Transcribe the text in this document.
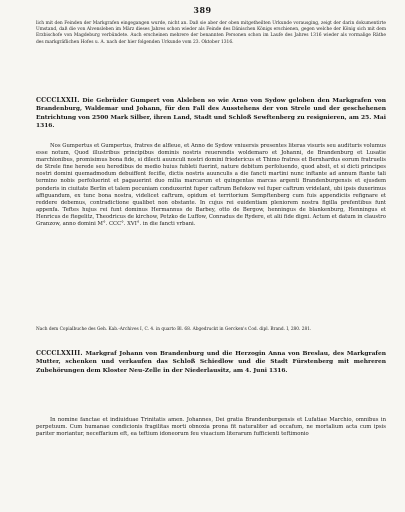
389
lich mit den Feinden der Markgrafen eingegangen wurde, nicht an. Daß sie aber der oben mitgetheilten Urkunde vorausging, zeigt der darin dokumentirte Umstand, daß die von Alvensleben im März dieses Jahres schon wieder als Feinde des Dänischen Königs erschienen, gegen welche der König sich mit dem Erzbischofe von Magdeburg verbündete. Auch erscheinen mehrere der benannten Personen schon im Laufe des Jahres 1316 wieder als vormalige Räthe des markgräflichen Hofes u. A. nach der hier folgenden Urkunde vom 23. Oktober 1316.
CCCCLXXII. Die Gebrüder Gumpert von Alsleben so wie Arno von Sydow geloben den Markgrafen von Brandenburg, Waldemar und Johann, für den Fall des Ausstehens der von Strele und der geschehenen Entrichtung von 2500 Mark Silber, ihren Land, Stadt und Schloß Sewftenberg zu resignieren, am 25. Mai 1316.

Nos Gumpertus et Gumpertus, fratres de alfleue, et Anno de Sydow vniuersis presentes literas visuris seu audituris volumus esse notum, Quod illustribus principibus dominis nostris reuerendis woldemaro et Johanni, de Brandenburg et Lusatie marchionibus, promisimus bona fide, si dilecti auunculi nostri domini friedericus et Thimo fratres et Bernhardus eorum fratruelis de Strele fine herede seu heredibus de medio huius fubleti fuerint, nature debitum perfoluendo, quod absit, et si dicti principes nostri domini quemadmodum debuiffent fecifle, dictis nostris auunculis a die fancti martini nunc inftante ad annum ftante tali termino nobis perfoluerint et pagauerint duo milia marcarum et quingentas marcas argenti Brandenburgensis et ejusdem ponderis in ciuitate Berlin et talem pecuniam conduxerint fuper caftrum Befekow vel fuper caftrum vridelant, ubi ipsis duxerimus affiguandum, ex tunc bona nostra, videlicet caftrum, opidum et territorium Sempftenberg cum fuis appendiciis refignare et reddere debemus, contradictione qualibet non obstante. In cujus rei euidentiam pleniorem nostra figilla prefentibus funt appenfa. Teftes hujus rei funt dominus Hermannus de Barbey, otto de Bergow, henningus de blankenburg, Henningus et Henricus de ftegelitz, Theodricus de kirchow, Petzko de Luffow, Conradus de Rydere, et alii fide digni. Actum et datum in claustro Granzow, anno domini M°. CCC°. XVI°. in die fancti vrbani.

Nach dem Copialbuche des Geh. Kab.-Archives I, C. 4. in quarto Bl. 68. Abgedruckt in Gercken's Cod. dipl. Brand. I, 280. 281.
CCCCLXXIII. Markgraf Johann von Brandenburg und die Herzogin Anna von Breslau, des Markgrafen Mutter, schenken und verkaufen das Schloß Schiedlow und die Stadt Fürstenberg mit mehreren Zubehörungen dem Kloster Neu-Zelle in der Niederlausitz, am 4. Juni 1316.

In nomine fanctae et indiuiduae Trinitatis amen. Johannes, Dei gratia Brandenburgensis et Lufatiae Marchio, omnibus in perpetuum. Cum humanae condicionis fragilitas morti obnoxia prona fit naturaliter ad occafum, ne mortalium acta cum ipsis pariter moriantur, neceffarium eft, ea teftium idoneorum feu viuacium literarum fufficienti teftimonio
